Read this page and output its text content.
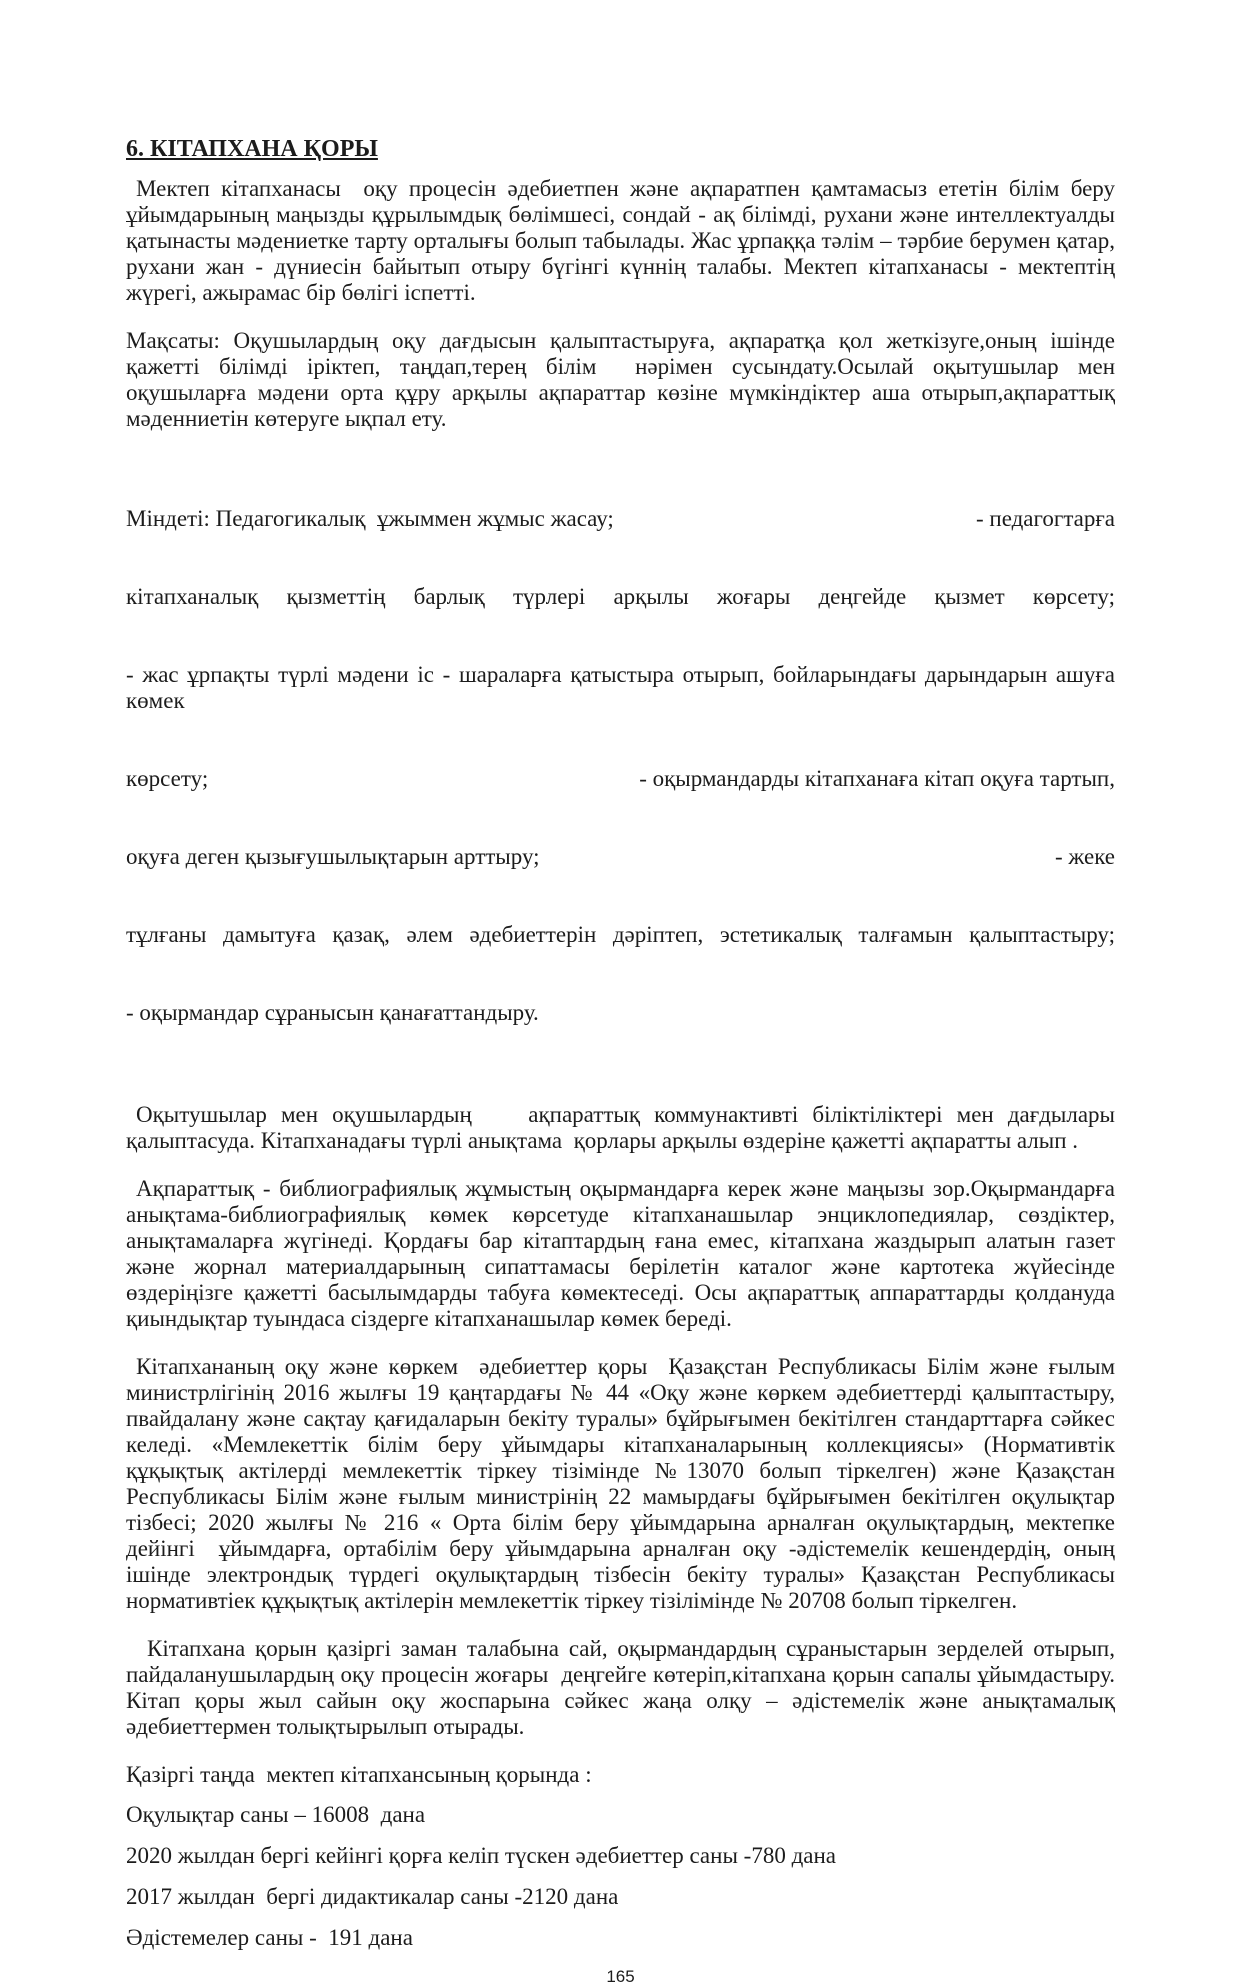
6. КІТАПХАНА ҚОРЫ

Мектеп кітапханасы  оқу процесін әдебиетпен және ақпаратпен қамтамасыз ететін білім беру ұйымдарының маңызды құрылымдық бөлімшесі, сондай - ақ білімді, рухани және интеллектуалды қатынасты мәдениетке тарту орталығы болып табылады. Жас ұрпаққа тәлім – тәрбие берумен қатар, рухани жан - дүниесін байытып отыру бүгінгі күннің талабы. Мектеп кітапханасы - мектептің жүрегі, ажырамас бір бөлігі іспетті.

Мақсаты: Оқушылардың оқу дағдысын қалыптастыруға, ақпаратқа қол жеткізуге,оның ішінде қажетті білімді іріктеп, таңдап,терең білім  нәрімен сусындату.Осылай оқытушылар мен оқушыларға мәдени орта құру арқылы ақпараттар көзіне мүмкіндіктер аша отырып,ақпараттық мәденниетін көтеруге ықпал ету.

Міндеті: Педагогикалық  ұжыммен жұмыс жасау;	- педагогтарға

кітапханалық қызметтің барлық түрлері арқылы жоғары деңгейде қызмет көрсету;

- жас ұрпақты түрлі мәдени іс - шараларға қатыстыра отырып, бойларындағы дарындарын ашуға көмек

көрсету;	- оқырмандарды кітапханаға кітап оқуға тартып,

оқуға деген қызығушылықтарын арттыру;	- жеке

тұлғаны дамытуға қазақ, әлем әдебиеттерін дәріптеп, эстетикалық талғамын қалыптастыру;

- оқырмандар сұранысын қанағаттандыру.

Оқытушылар мен оқушылардың    ақпараттық коммунактивті біліктіліктері мен дағдылары қалыптасуда. Кітапханадағы түрлі анықтама  қорлары арқылы өздеріне қажетті ақпаратты алып .

Ақпараттық - библиографиялық жұмыстың оқырмандарға керек және маңызы зор.Оқырмандарға анықтама-библиографиялық көмек көрсетуде кітапханашылар энциклопедиялар, сөздіктер, анықтамаларға жүгінеді. Қордағы бар кітаптардың ғана емес, кітапхана жаздырып алатын газет және жорнал материалдарының сипаттамасы берілетін каталог және картотека жүйесінде өздеріңізге қажетті басылымдарды табуға көмектеседі. Осы ақпараттық аппараттарды қолдануда қиындықтар туындаса сіздерге кітапханашылар көмек береді.

Кітапхананың оқу және көркем  әдебиеттер қоры  Қазақстан Республикасы Білім және ғылым министрлігінің 2016 жылғы 19 қаңтардағы № 44 «Оқу және көркем әдебиеттерді қалыптастыру, пвайдалану және сақтау қағидаларын бекіту туралы» бұйрығымен бекітілген стандарттарға сәйкес келеді. «Мемлекеттік білім беру ұйымдары кітапханаларының коллекциясы» (Нормативтік құқықтық актілерді мемлекеттік тіркеу тізімінде №13070 болып тіркелген) және Қазақстан Республикасы Білім және ғылым министрінің 22 мамырдағы бұйрығымен бекітілген оқулықтар тізбесі; 2020 жылғы № 216 « Орта білім беру ұйымдарына арналған оқулықтардың, мектепке дейінгі  ұйымдарға, ортабілім беру ұйымдарына арналған оқу -әдістемелік кешендердің, оның ішінде электрондық түрдегі оқулықтардың тізбесін бекіту туралы» Қазақстан Республикасы нормативтіек құқықтық актілерін мемлекеттік тіркеу тізілімінде № 20708 болып тіркелген.

Кітапхана қорын қазіргі заман талабына сай, оқырмандардың сұраныстарын зерделей отырып, пайдаланушылардың оқу процесін жоғары  деңгейге көтеріп,кітапхана қорын сапалы ұйымдастыру. Кітап қоры жыл сайын оқу жоспарына сәйкес жаңа олқу – әдістемелік және анықтамалық әдебиеттермен толықтырылып отырады.

Қазіргі таңда  мектеп кітапхансының қорында :

Оқулықтар саны – 16008  дана

2020 жылдан бергі кейінгі қорға келіп түскен әдебиеттер саны -780 дана

2017 жылдан  бергі дидактикалар саны -2120 дана

Әдістемелер саны -  191 дана

165
